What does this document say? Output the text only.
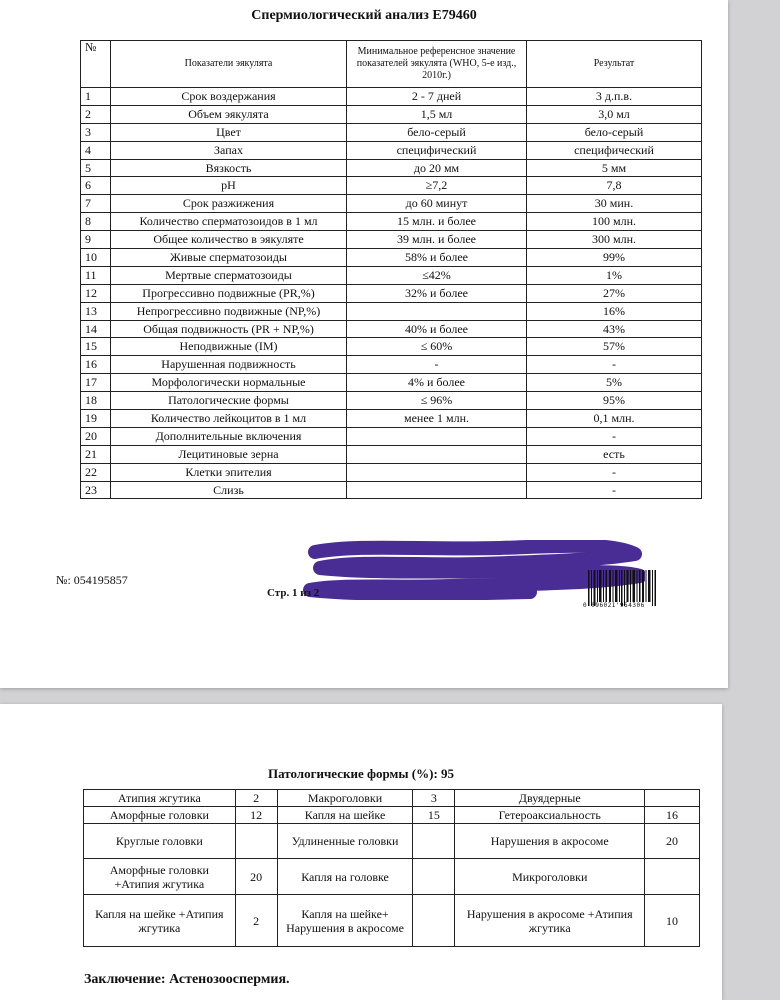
Спермиологический анализ E79460
№	Показатели эякулята	Минимальное референсное значение показателей эякулята (WHO, 5-е изд., 2010г.)	Результат
1	Срок воздержания	2 - 7 дней	3 д.п.в.
2	Объем эякулята	1,5 мл	3,0 мл
3	Цвет	бело-серый	бело-серый
4	Запах	специфический	специфический
5	Вязкость	до 20 мм	5 мм
6	pH	≥7,2	7,8
7	Срок разжижения	до 60 минут	30 мин.
8	Количество сперматозоидов в 1 мл	15 млн. и более	100 млн.
9	Общее количество в эякуляте	39 млн. и более	300 млн.
10	Живые сперматозоиды	58% и более	99%
11	Мертвые сперматозоиды	≤42%	1%
12	Прогрессивно подвижные (PR,%)	32% и более	27%
13	Непрогрессивно подвижные (NP,%)		16%
14	Общая подвижность (PR + NP,%)	40% и более	43%
15	Неподвижные (IM)	≤ 60%	57%
16	Нарушенная подвижность	-	-
17	Морфологически нормальные	4% и более	5%
18	Патологические формы	≤ 96%	95%
19	Количество лейкоцитов в 1 мл	менее 1 млн.	0,1 млн.
20	Дополнительные включения		-
21	Лецитиновые зерна		есть
22	Клетки эпителия		-
23	Слизь		-
№: 054195857
Стр. 1 из 2
0'096021'954306
Патологические формы (%): 95
Атипия жгутика	2	Макроголовки	3	Двуядерные	
Аморфные головки	12	Капля на шейке	15	Гетероаксиальность	16
Круглые головки		Удлиненные головки		Нарушения в акросоме	20
Аморфные головки +Атипия жгутика	20	Капля на головке		Микроголовки	
Капля на шейке +Атипия жгутика	2	Капля на шейке+ Нарушения в акросоме		Нарушения в акросоме +Атипия жгутика	10
Заключение: Астенозооспермия.
